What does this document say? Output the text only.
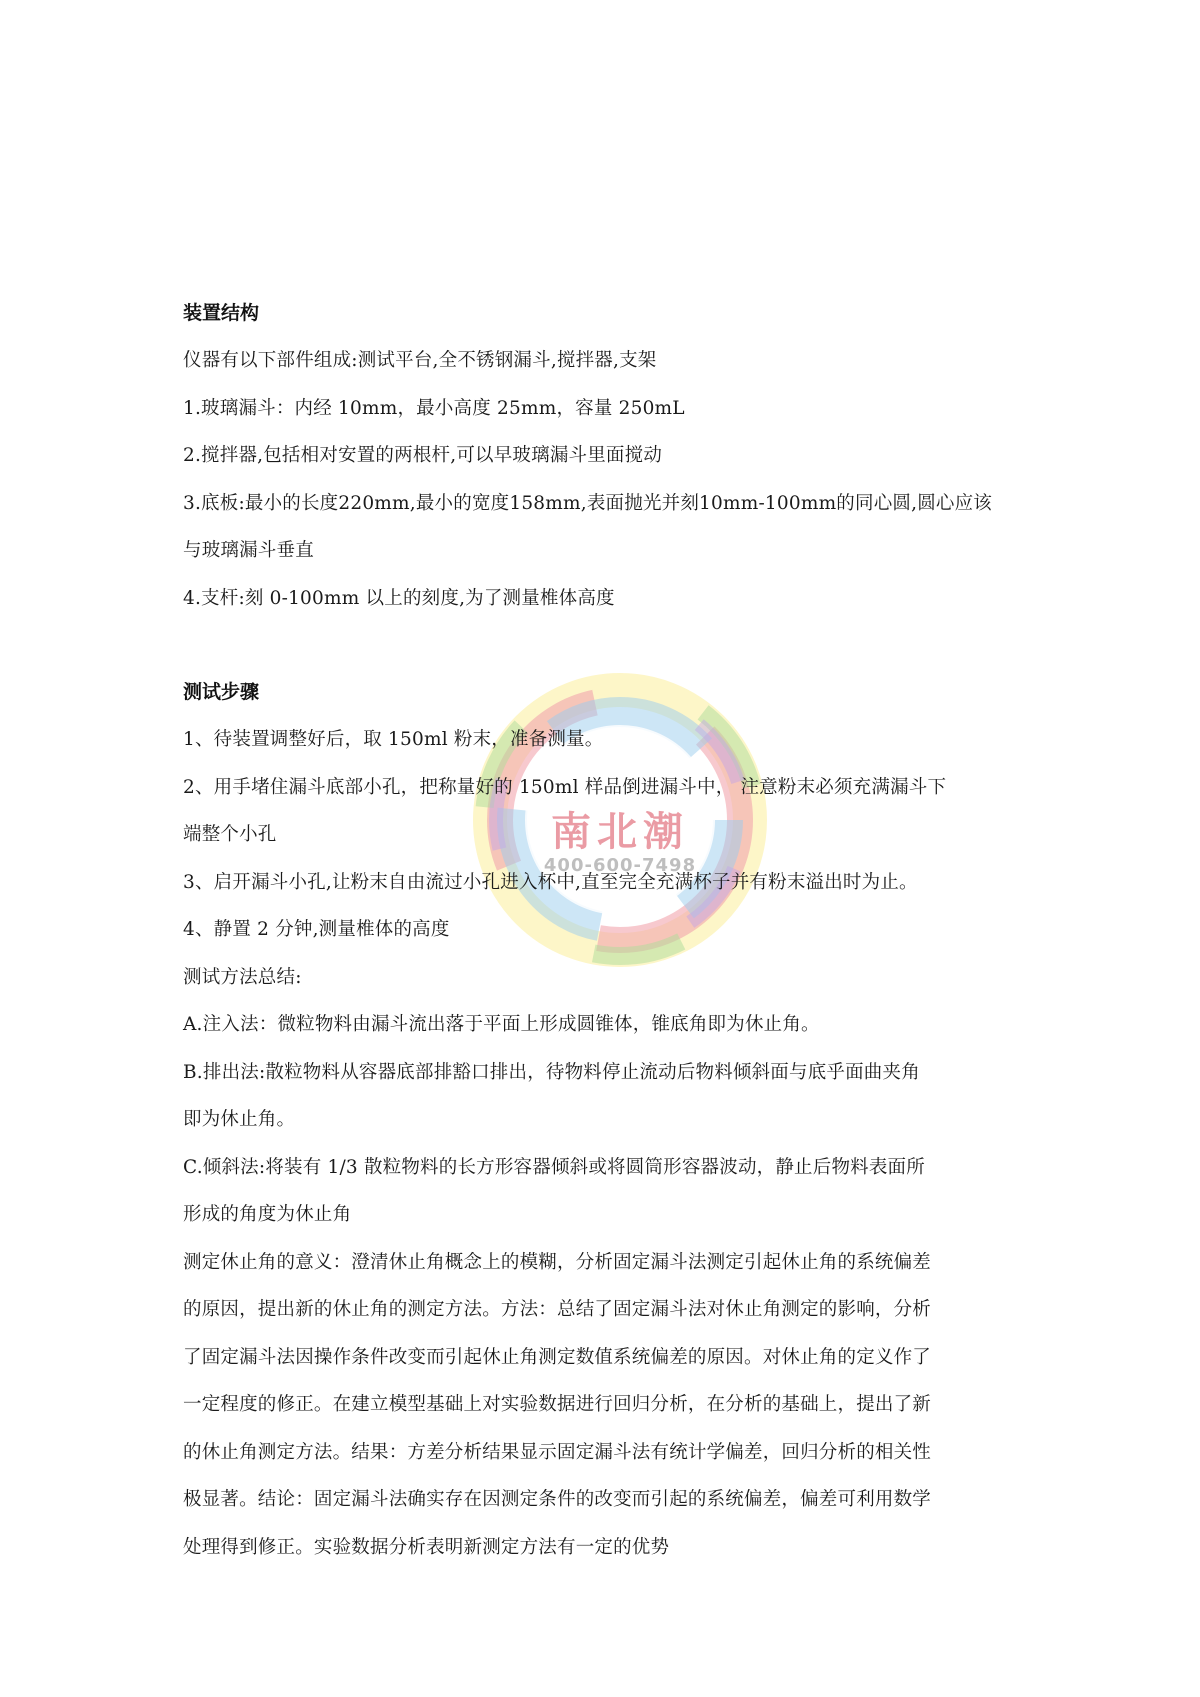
南北潮
400-600-7498
装置结构

仪器有以下部件组成:测试平台,全不锈钢漏斗,搅拌器,支架

1.玻璃漏斗：内经 10mm，最小高度 25mm，容量 250mL

2.搅拌器,包括相对安置的两根杆,可以早玻璃漏斗里面搅动

3.底板:最小的长度220mm,最小的宽度158mm,表面抛光并刻10mm-100mm的同心圆,圆心应该

与玻璃漏斗垂直

4.支杆:刻 0-100mm 以上的刻度,为了测量椎体高度

测试步骤

1、待装置调整好后，取 150ml 粉末，准备测量。

2、用手堵住漏斗底部小孔，把称量好的 150ml 样品倒进漏斗中， 注意粉末必须充满漏斗下

端整个小孔

3、启开漏斗小孔,让粉末自由流过小孔进入杯中,直至完全充满杯子并有粉末溢出时为止。

4、静置 2 分钟,测量椎体的高度

测试方法总结:

A.注入法：微粒物料由漏斗流出落于平面上形成圆锥体，锥底角即为休止角。

B.排出法:散粒物料从容器底部排豁口排出，待物料停止流动后物料倾斜面与底乎面曲夹角

即为休止角。

C.倾斜法:将装有 1/3 散粒物料的长方形容器倾斜或将圆筒形容器波动，静止后物料表面所

形成的角度为休止角

测定休止角的意义：澄清休止角概念上的模糊，分析固定漏斗法测定引起休止角的系统偏差

的原因，提出新的休止角的测定方法。方法：总结了固定漏斗法对休止角测定的影响，分析

了固定漏斗法因操作条件改变而引起休止角测定数值系统偏差的原因。对休止角的定义作了

一定程度的修正。在建立模型基础上对实验数据进行回归分析，在分析的基础上，提出了新

的休止角测定方法。结果：方差分析结果显示固定漏斗法有统计学偏差，回归分析的相关性

极显著。结论：固定漏斗法确实存在因测定条件的改变而引起的系统偏差，偏差可利用数学

处理得到修正。实验数据分析表明新测定方法有一定的优势
